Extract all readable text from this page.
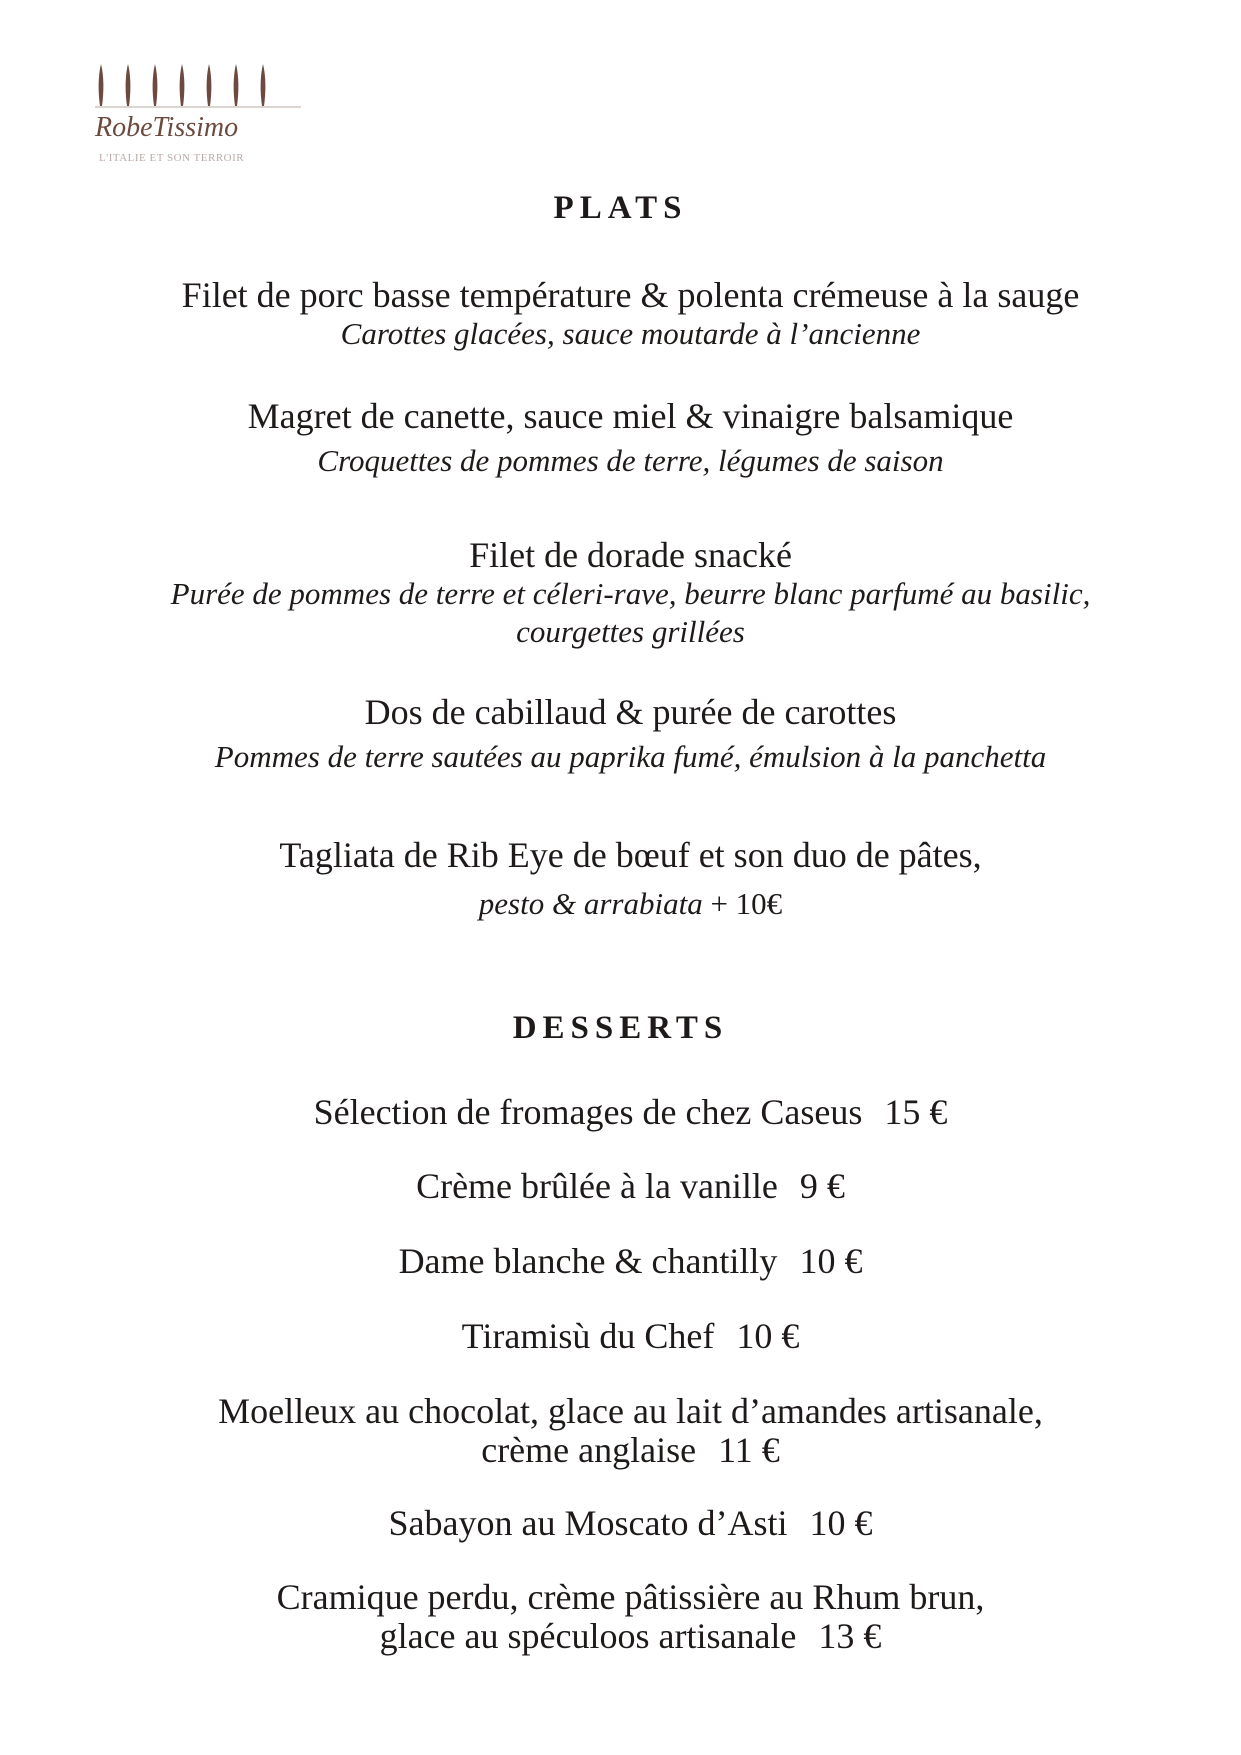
RobeTissimo
L'ITALIE ET SON TERROIR
PLATS
Filet de porc basse température & polenta crémeuse à la sauge
Carottes glacées, sauce moutarde à l’ancienne
Magret de canette, sauce miel & vinaigre balsamique
Croquettes de pommes de terre, légumes de saison
Filet de dorade snacké
Purée de pommes de terre et céleri-rave, beurre blanc parfumé au basilic,
courgettes grillées
Dos de cabillaud & purée de carottes
Pommes de terre sautées au paprika fumé, émulsion à la panchetta
Tagliata de Rib Eye de bœuf et son duo de pâtes,
pesto & arrabiata + 10€
DESSERTS
Sélection de fromages de chez Caseus 15 €
Crème brûlée à la vanille 9 €
Dame blanche & chantilly 10 €
Tiramisù du Chef 10 €
Moelleux au chocolat, glace au lait d’amandes artisanale,
crème anglaise 11 €
Sabayon au Moscato d’Asti 10 €
Cramique perdu, crème pâtissière au Rhum brun,
glace au spéculoos artisanale 13 €
